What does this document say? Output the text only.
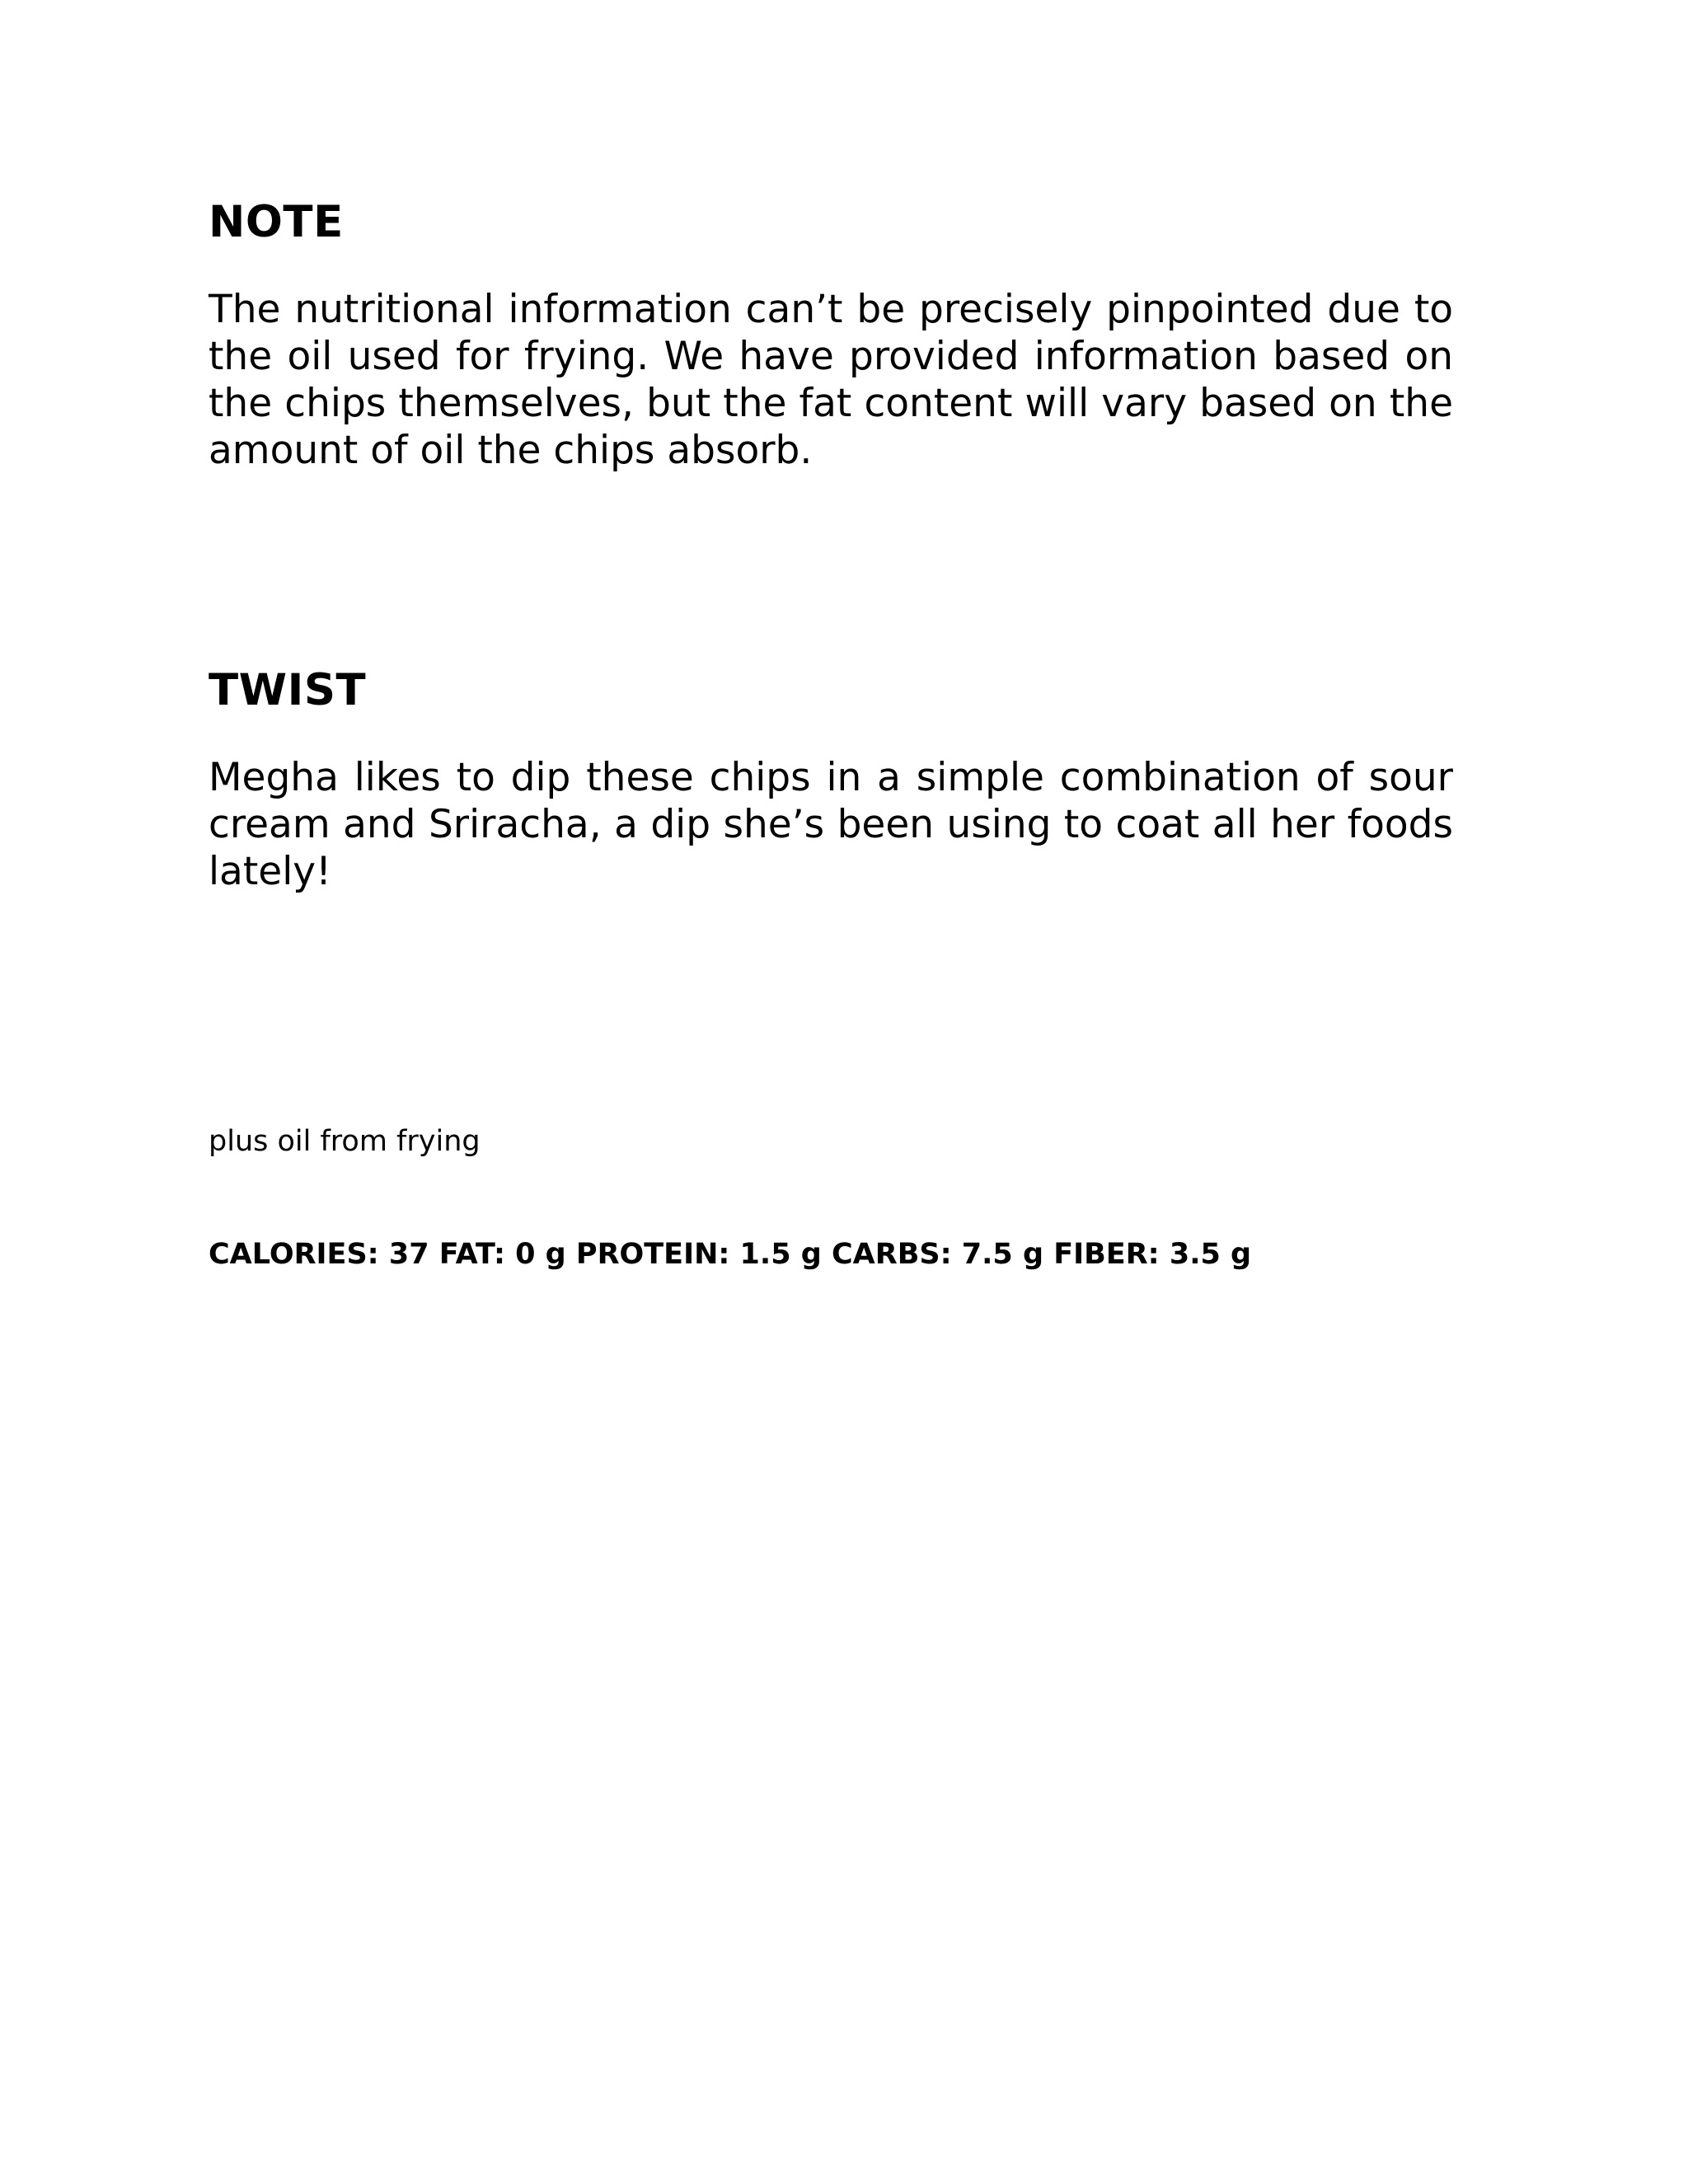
NOTE

The nutritional information can’t be precisely pinpointed due to the oil used for frying. We have provided information based on the chips themselves, but the fat content will vary based on the amount of oil the chips absorb.

TWIST

Megha likes to dip these chips in a simple combination of sour cream and Sriracha, a dip she’s been using to coat all her foods lately!

plus oil from frying

CALORIES: 37 FAT: 0 g PROTEIN: 1.5 g CARBS: 7.5 g FIBER: 3.5 g
